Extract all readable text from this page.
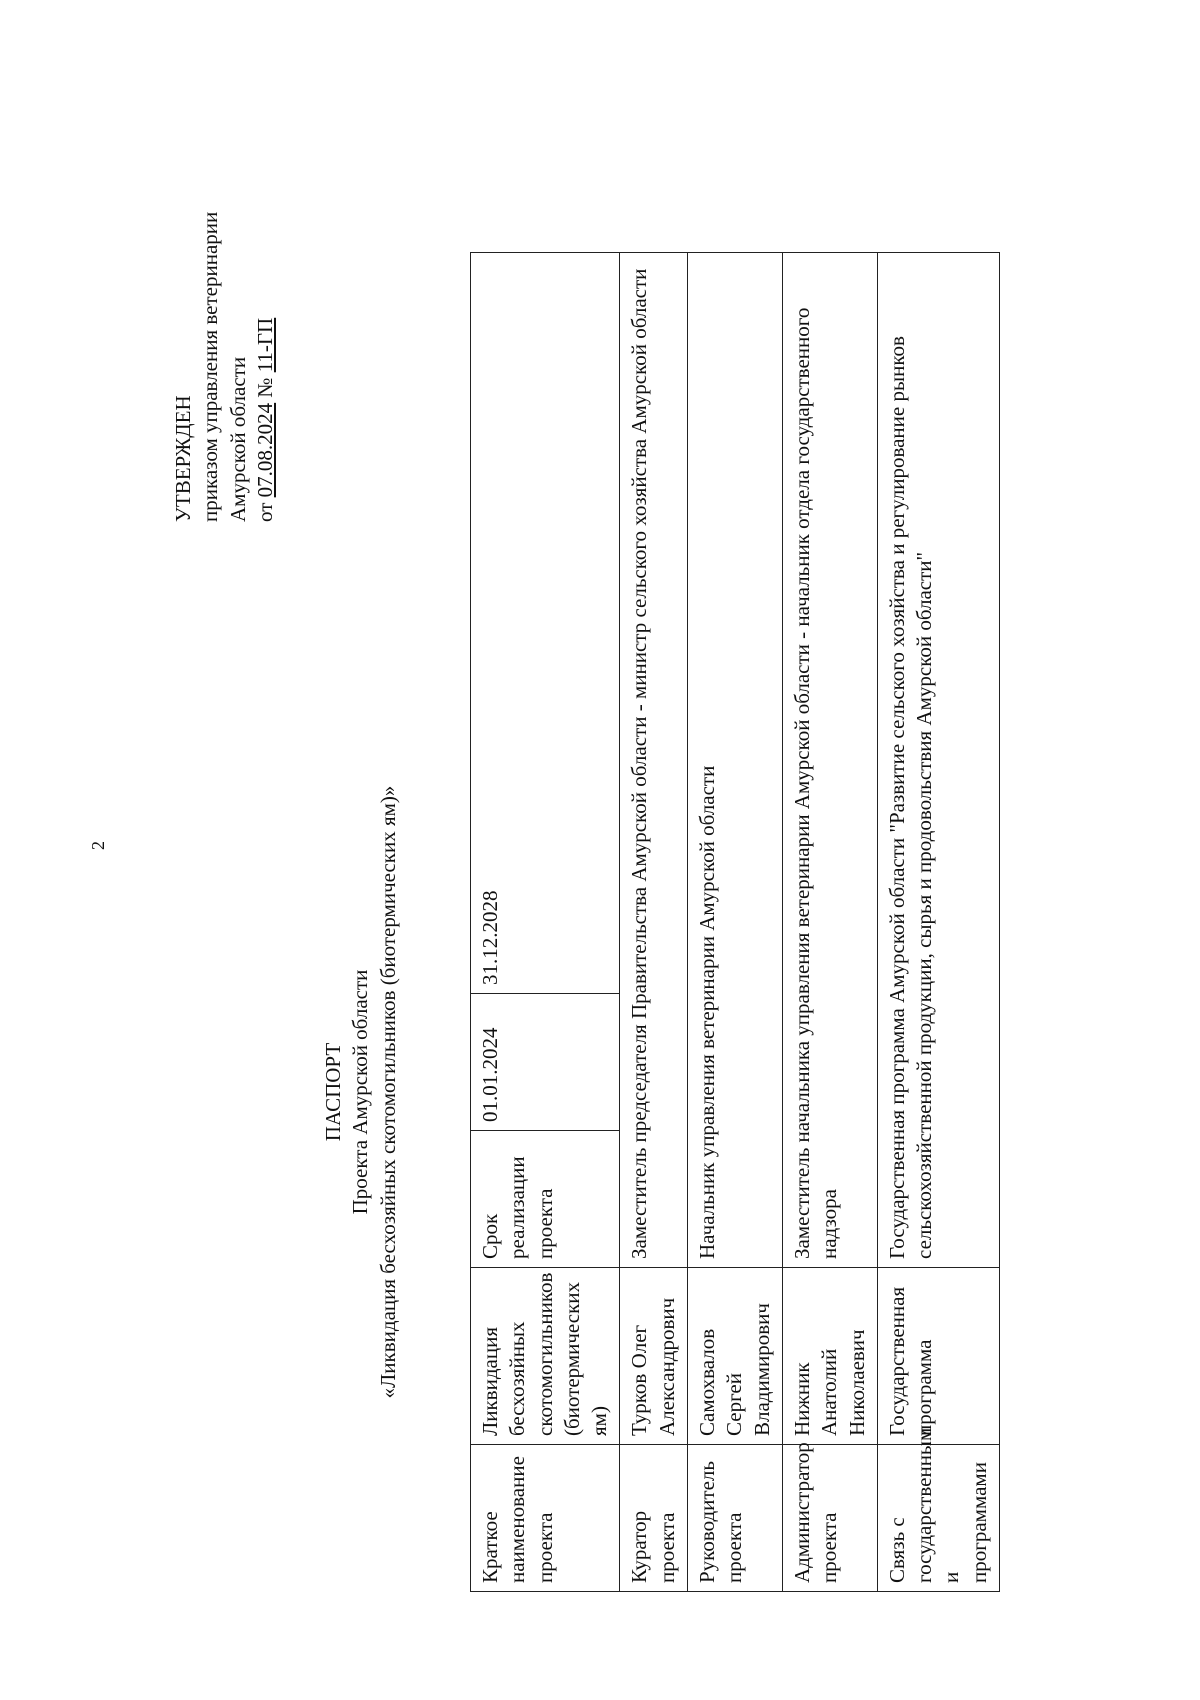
2
УТВЕРЖДЕН приказом управления ветеринарии Амурской области от 07.08.2024 № 11-ГП
ПАСПОРТ Проекта Амурской области «Ликвидация бесхозяйных скотомогильников (биотермических ям)»
Краткое наименование проекта	Ликвидация бесхозяйных скотомогильников (биотермических ям)	Срок реализации проекта	01.01.2024	31.12.2028
Куратор проекта	Турков Олег Александрович	Заместитель председателя Правительства Амурской области - министр сельского хозяйства Амурской области		
Руководитель проекта	Самохвалов Сергей Владимирович	Начальник управления ветеринарии Амурской области		
Администратор проекта	Нижник Анатолий Николаевич	Заместитель начальника управления ветеринарии Амурской области - начальник отдела государственного надзора		
Связь с государственным и программами	Государственная программа	Государственная программа Амурской области "Развитие сельского хозяйства и регулирование рынков сельскохозяйственной продукции, сырья и продовольствия Амурской области"		
